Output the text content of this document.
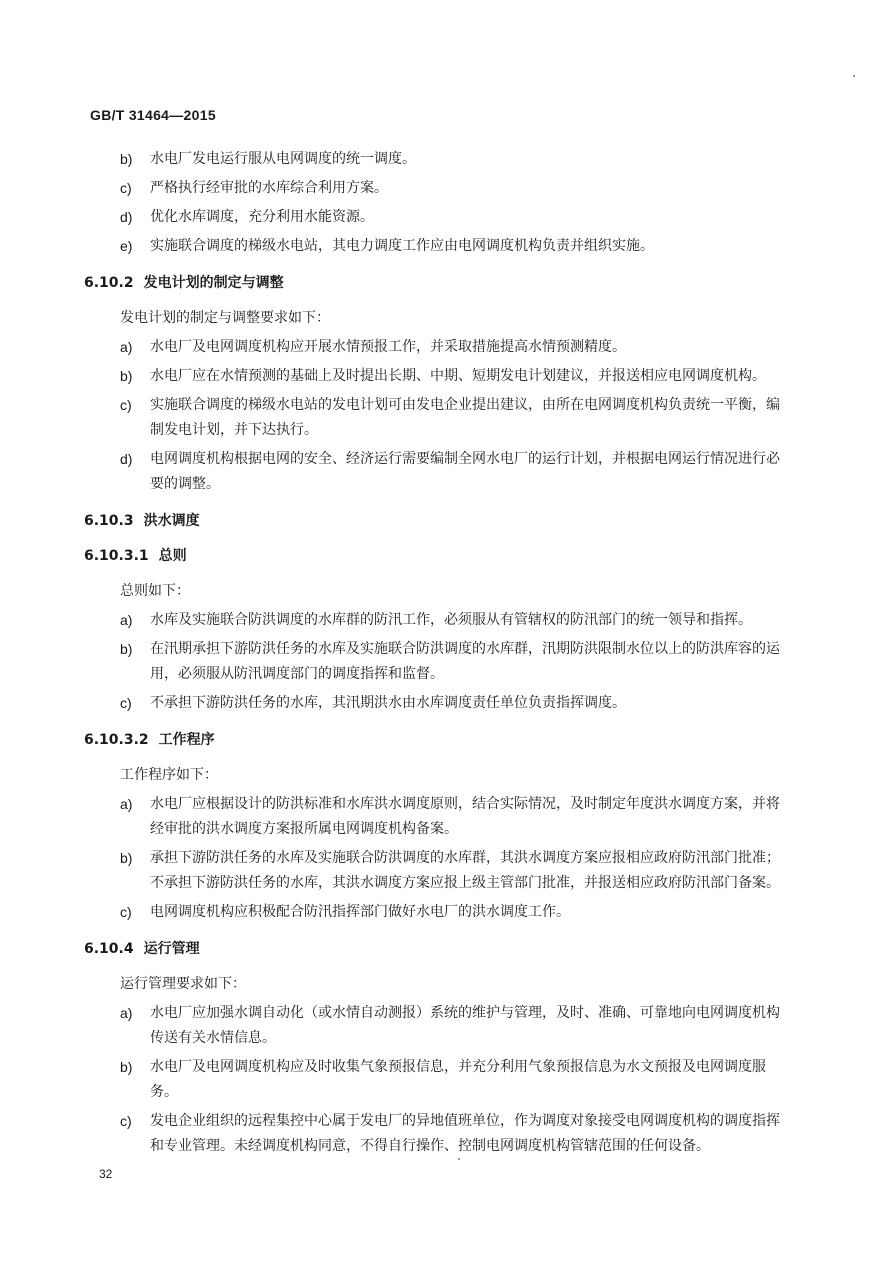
GB/T 31464—2015
b) 水电厂发电运行服从电网调度的统一调度。
c) 严格执行经审批的水库综合利用方案。
d) 优化水库调度，充分利用水能资源。
e) 实施联合调度的梯级水电站，其电力调度工作应由电网调度机构负责并组织实施。
6.10.2 发电计划的制定与调整
发电计划的制定与调整要求如下：
a) 水电厂及电网调度机构应开展水情预报工作，并采取措施提高水情预测精度。
b) 水电厂应在水情预测的基础上及时提出长期、中期、短期发电计划建议，并报送相应电网调度机构。
c) 实施联合调度的梯级水电站的发电计划可由发电企业提出建议，由所在电网调度机构负责统一平衡，编制发电计划，并下达执行。
d) 电网调度机构根据电网的安全、经济运行需要编制全网水电厂的运行计划，并根据电网运行情况进行必要的调整。
6.10.3 洪水调度
6.10.3.1 总则
总则如下：
a) 水库及实施联合防洪调度的水库群的防汛工作，必须服从有管辖权的防汛部门的统一领导和指挥。
b) 在汛期承担下游防洪任务的水库及实施联合防洪调度的水库群，汛期防洪限制水位以上的防洪库容的运用，必须服从防汛调度部门的调度指挥和监督。
c) 不承担下游防洪任务的水库，其汛期洪水由水库调度责任单位负责指挥调度。
6.10.3.2 工作程序
工作程序如下：
a) 水电厂应根据设计的防洪标准和水库洪水调度原则，结合实际情况，及时制定年度洪水调度方案，并将经审批的洪水调度方案报所属电网调度机构备案。
b) 承担下游防洪任务的水库及实施联合防洪调度的水库群，其洪水调度方案应报相应政府防汛部门批准；不承担下游防洪任务的水库，其洪水调度方案应报上级主管部门批准，并报送相应政府防汛部门备案。
c) 电网调度机构应积极配合防汛指挥部门做好水电厂的洪水调度工作。
6.10.4 运行管理
运行管理要求如下：
a) 水电厂应加强水调自动化（或水情自动测报）系统的维护与管理，及时、准确、可靠地向电网调度机构传送有关水情信息。
b) 水电厂及电网调度机构应及时收集气象预报信息，并充分利用气象预报信息为水文预报及电网调度服务。
c) 发电企业组织的远程集控中心属于发电厂的异地值班单位，作为调度对象接受电网调度机构的调度指挥和专业管理。未经调度机构同意，不得自行操作、控制电网调度机构管辖范围的任何设备。
32
